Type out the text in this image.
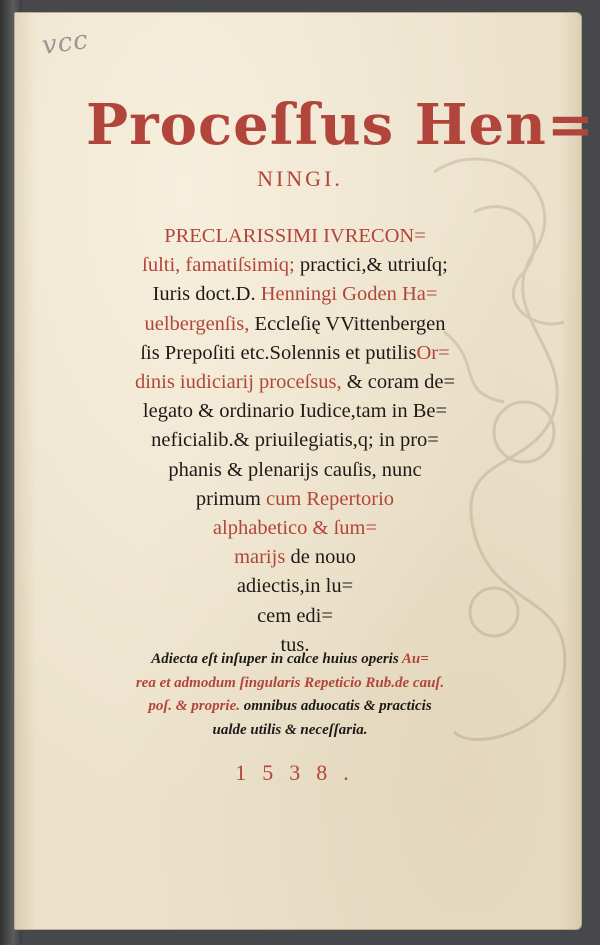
vcc
Proceſſus Hen=
NINGI.
PRECLARISSIMI IVRECON=
ſulti, famatiſsimiq; practici,& utriuſq;
Iuris doct.D. Henningi Goden Ha=
uelbergenſis, Eccleſię VVittenbergen
ſis Prepoſiti etc.Solennis et putilisOr=
dinis iudiciarij proceſsus, & coram de=
legato & ordinario Iudice,tam in Be=
neficialib.& priuilegiatis,q; in pro=
phanis & plenarijs cauſis, nunc
primum cum Repertorio
alphabetico & ſum=
marijs de nouo
adiectis,in lu=
cem edi=
tus.
Adiecta eſt inſuper in calce huius operis Au=
rea et admodum ſingularis Repeticio Rub.de cauſ.
poſ. & proprie. omnibus aduocatis & practicis
ualde utilis & neceſſaria.
1538.
